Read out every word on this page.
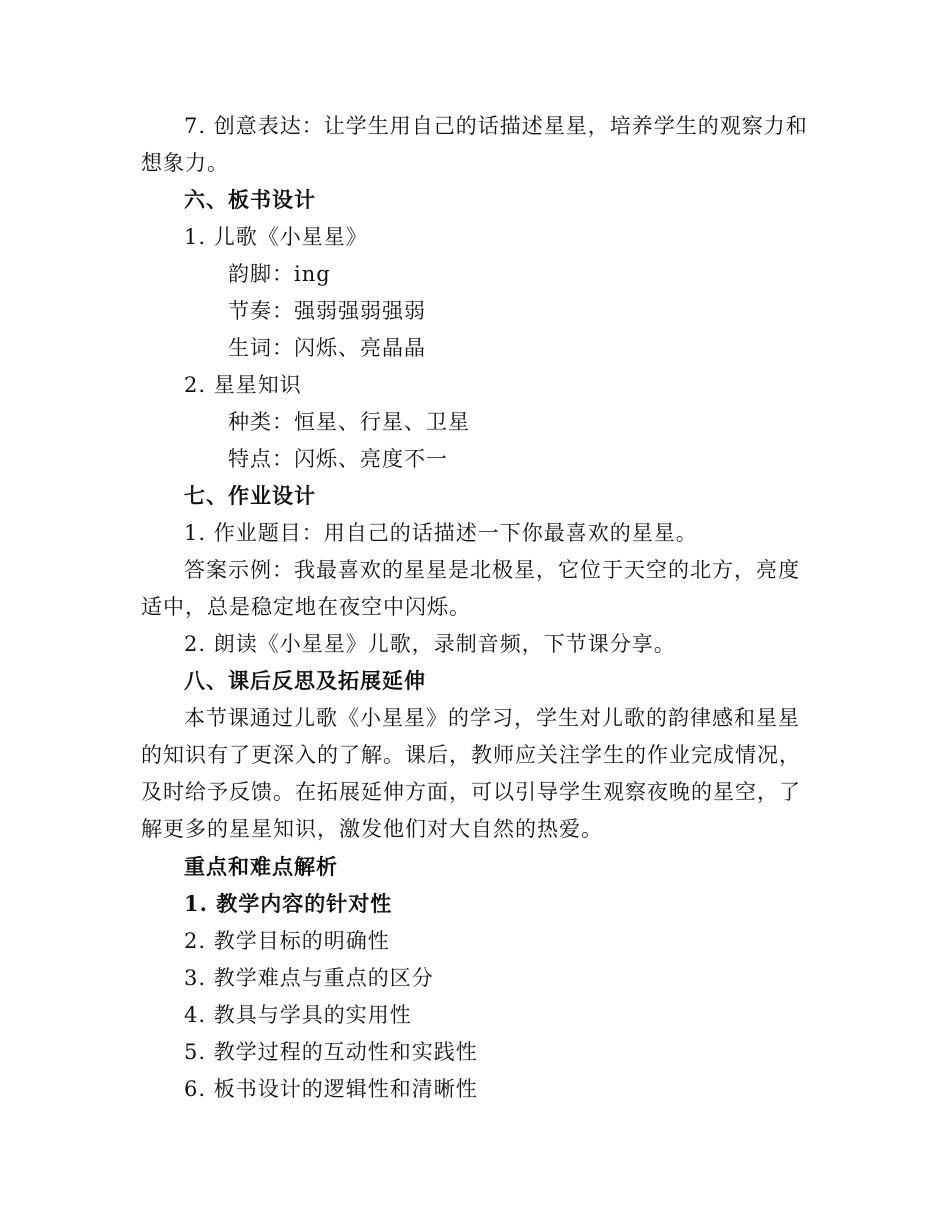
7. 创意表达：让学生用自己的话描述星星，培养学生的观察力和
想象力。
六、板书设计
1. 儿歌《小星星》
韵脚：ing
节奏：强弱强弱强弱
生词：闪烁、亮晶晶
2. 星星知识
种类：恒星、行星、卫星
特点：闪烁、亮度不一
七、作业设计
1. 作业题目：用自己的话描述一下你最喜欢的星星。
答案示例：我最喜欢的星星是北极星，它位于天空的北方，亮度
适中，总是稳定地在夜空中闪烁。
2. 朗读《小星星》儿歌，录制音频，下节课分享。
八、课后反思及拓展延伸
本节课通过儿歌《小星星》的学习，学生对儿歌的韵律感和星星
的知识有了更深入的了解。课后，教师应关注学生的作业完成情况，
及时给予反馈。在拓展延伸方面，可以引导学生观察夜晚的星空，了
解更多的星星知识，激发他们对大自然的热爱。
重点和难点解析
1. 教学内容的针对性
2. 教学目标的明确性
3. 教学难点与重点的区分
4. 教具与学具的实用性
5. 教学过程的互动性和实践性
6. 板书设计的逻辑性和清晰性
